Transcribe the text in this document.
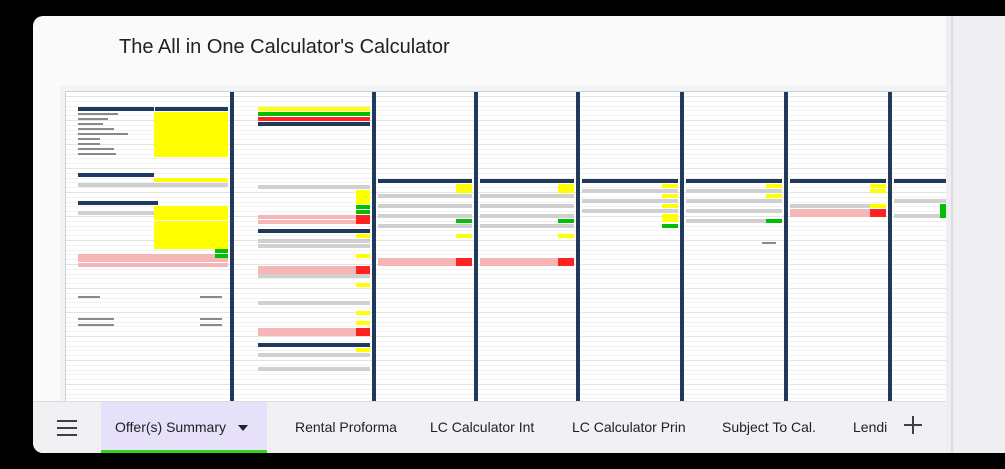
The All in One Calculator's Calculator
Offer(s) Summary	Rental Proforma	LC Calculator Int	LC Calculator Prin	Subject To Cal.	Lendi
